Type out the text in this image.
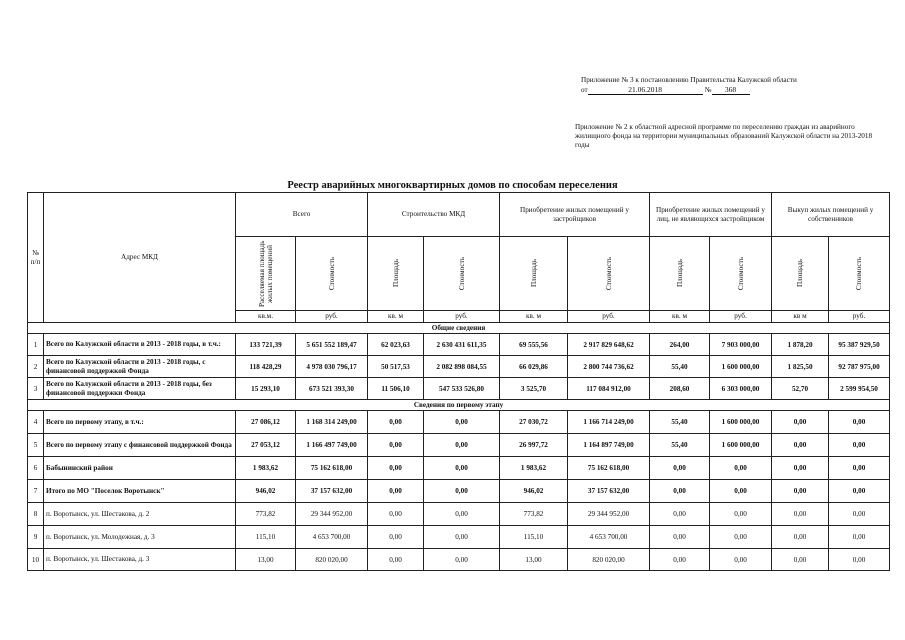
Приложение № 3 к постановлению Правительства Калужской области
от	21.06.2018	№	368
Приложение № 2 к областной адресной программе по переселению граждан из аварийного жилищного фонда на территории муниципальных образований Калужской области на 2013-2018 годы
Реестр аварийных многоквартирных домов по способам переселения
№ п/п	Адрес МКД	Всего		Строительство МКД		Приобретение жилых помещений у застройщиков		Приобретение жилых помещений у лиц, не являющихся застройщиком		Выкуп жилых помещений у собственников	

		Расселяемая площадь жилых помещений	Стоимость	Площадь	Стоимость	Площадь	Стоимость	Площадь	Стоимость	Площадь	Стоимость

		кв.м.	руб.	кв. м	руб.	кв. м	руб.	кв. м	руб.	кв м	руб.
Общие сведения											
1	Всего по Калужской области в 2013 - 2018 годы, в т.ч.:	133 721,39	5 651 552 189,47	62 023,63	2 630 431 611,35	69 555,56	2 917 829 648,62	264,00	7 903 000,00	1 878,20	95 387 929,50
2	Всего по Калужской области в 2013 - 2018 годы, с финансовой поддержкой Фонда	118 428,29	4 978 030 796,17	50 517,53	2 082 898 084,55	66 029,86	2 800 744 736,62	55,40	1 600 000,00	1 825,50	92 787 975,00
3	Всего по Калужской области в 2013 - 2018 годы, без финансовой поддержки Фонда	15 293,10	673 521 393,30	11 506,10	547 533 526,80	3 525,70	117 084 912,00	208,60	6 303 000,00	52,70	2 599 954,50
Сведения по первому этапу											
4	Всего по первому этапу, в т.ч.:	27 086,12	1 168 314 249,00	0,00	0,00	27 030,72	1 166 714 249,00	55,40	1 600 000,00	0,00	0,00
5	Всего по первому этапу с финансовой поддержкой Фонда	27 053,12	1 166 497 749,00	0,00	0,00	26 997,72	1 164 897 749,00	55,40	1 600 000,00	0,00	0,00
6	Бабынинский район	1 983,62	75 162 618,00	0,00	0,00	1 983,62	75 162 618,00	0,00	0,00	0,00	0,00
7	Итого по МО "Поселок Воротынск"	946,02	37 157 632,00	0,00	0,00	946,02	37 157 632,00	0,00	0,00	0,00	0,00
8	п. Воротынск, ул. Шестакова, д. 2	773,82	29 344 952,00	0,00	0,00	773,82	29 344 952,00	0,00	0,00	0,00	0,00
9	п. Воротынск, ул. Молодежная, д. 3	115,10	4 653 700,00	0,00	0,00	115,10	4 653 700,00	0,00	0,00	0,00	0,00
10	п. Воротынск, ул. Шестакова, д. 3	13,00	820 020,00	0,00	0,00	13,00	820 020,00	0,00	0,00	0,00	0,00
